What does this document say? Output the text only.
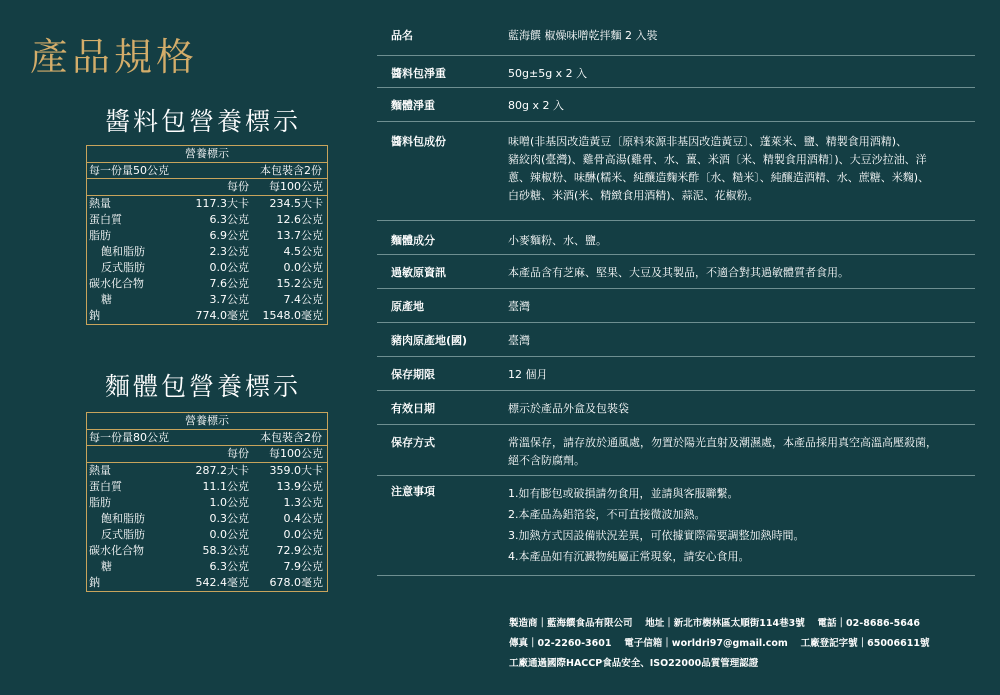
產品規格
醬料包營養標示
營養標示
每一份量50公克	本包裝含2份
每份	每100公克
熱量	117.3大卡	234.5大卡
蛋白質	6.3公克	12.6公克
脂肪	6.9公克	13.7公克
飽和脂肪	2.3公克	4.5公克
反式脂肪	0.0公克	0.0公克
碳水化合物	7.6公克	15.2公克
糖	3.7公克	7.4公克
鈉	774.0毫克	1548.0毫克
麵體包營養標示
營養標示
每一份量80公克	本包裝含2份
每份	每100公克
熱量	287.2大卡	359.0大卡
蛋白質	11.1公克	13.9公克
脂肪	1.0公克	1.3公克
飽和脂肪	0.3公克	0.4公克
反式脂肪	0.0公克	0.0公克
碳水化合物	58.3公克	72.9公克
糖	6.3公克	7.9公克
鈉	542.4毫克	678.0毫克
品名	藍海饌 椒燥味噌乾拌麵 2 入裝

醬料包淨重	50g±5g x 2 入

麵體淨重	80g x 2 入

醬料包成份	味噌(非基因改造黃豆〔原料來源非基因改造黃豆〕、蓬萊米、鹽、精製食用酒精)、

豬絞肉(臺灣)、雞骨高湯(雞骨、水、薑、米酒〔米、精製食用酒精〕)、大豆沙拉油、洋

蔥、辣椒粉、味醂(糯米、純釀造麴米酢〔水、糙米〕、純釀造酒精、水、蔗糖、米麴)、

白砂糖、米酒(米、精緻食用酒精)、蒜泥、花椒粉。

麵體成分	小麥麵粉、水、鹽。

過敏原資訊	本產品含有芝麻、堅果、大豆及其製品，不適合對其過敏體質者食用。

原產地	臺灣

豬肉原產地(國)	臺灣

保存期限	12 個月

有效日期	標示於產品外盒及包裝袋

保存方式	常溫保存，請存放於通風處，勿置於陽光直射及潮濕處，本產品採用真空高溫高壓殺菌，

絕不含防腐劑。

注意事項	1.如有膨包或破損請勿食用，並請與客服聯繫。

2.本產品為鋁箔袋，不可直接微波加熱。

3.加熱方式因設備狀況差異，可依據實際需要調整加熱時間。

4.本產品如有沉澱物純屬正常現象，請安心食用。

製造商｜藍海饌食品有限公司　 地址｜新北市樹林區太順街114巷3號　 電話｜02-8686-5646
傳真｜02-2260-3601　 電子信箱｜worldri97@gmail.com　 工廠登記字號｜65006611號
工廠通過國際HACCP食品安全、ISO22000品質管理認證
